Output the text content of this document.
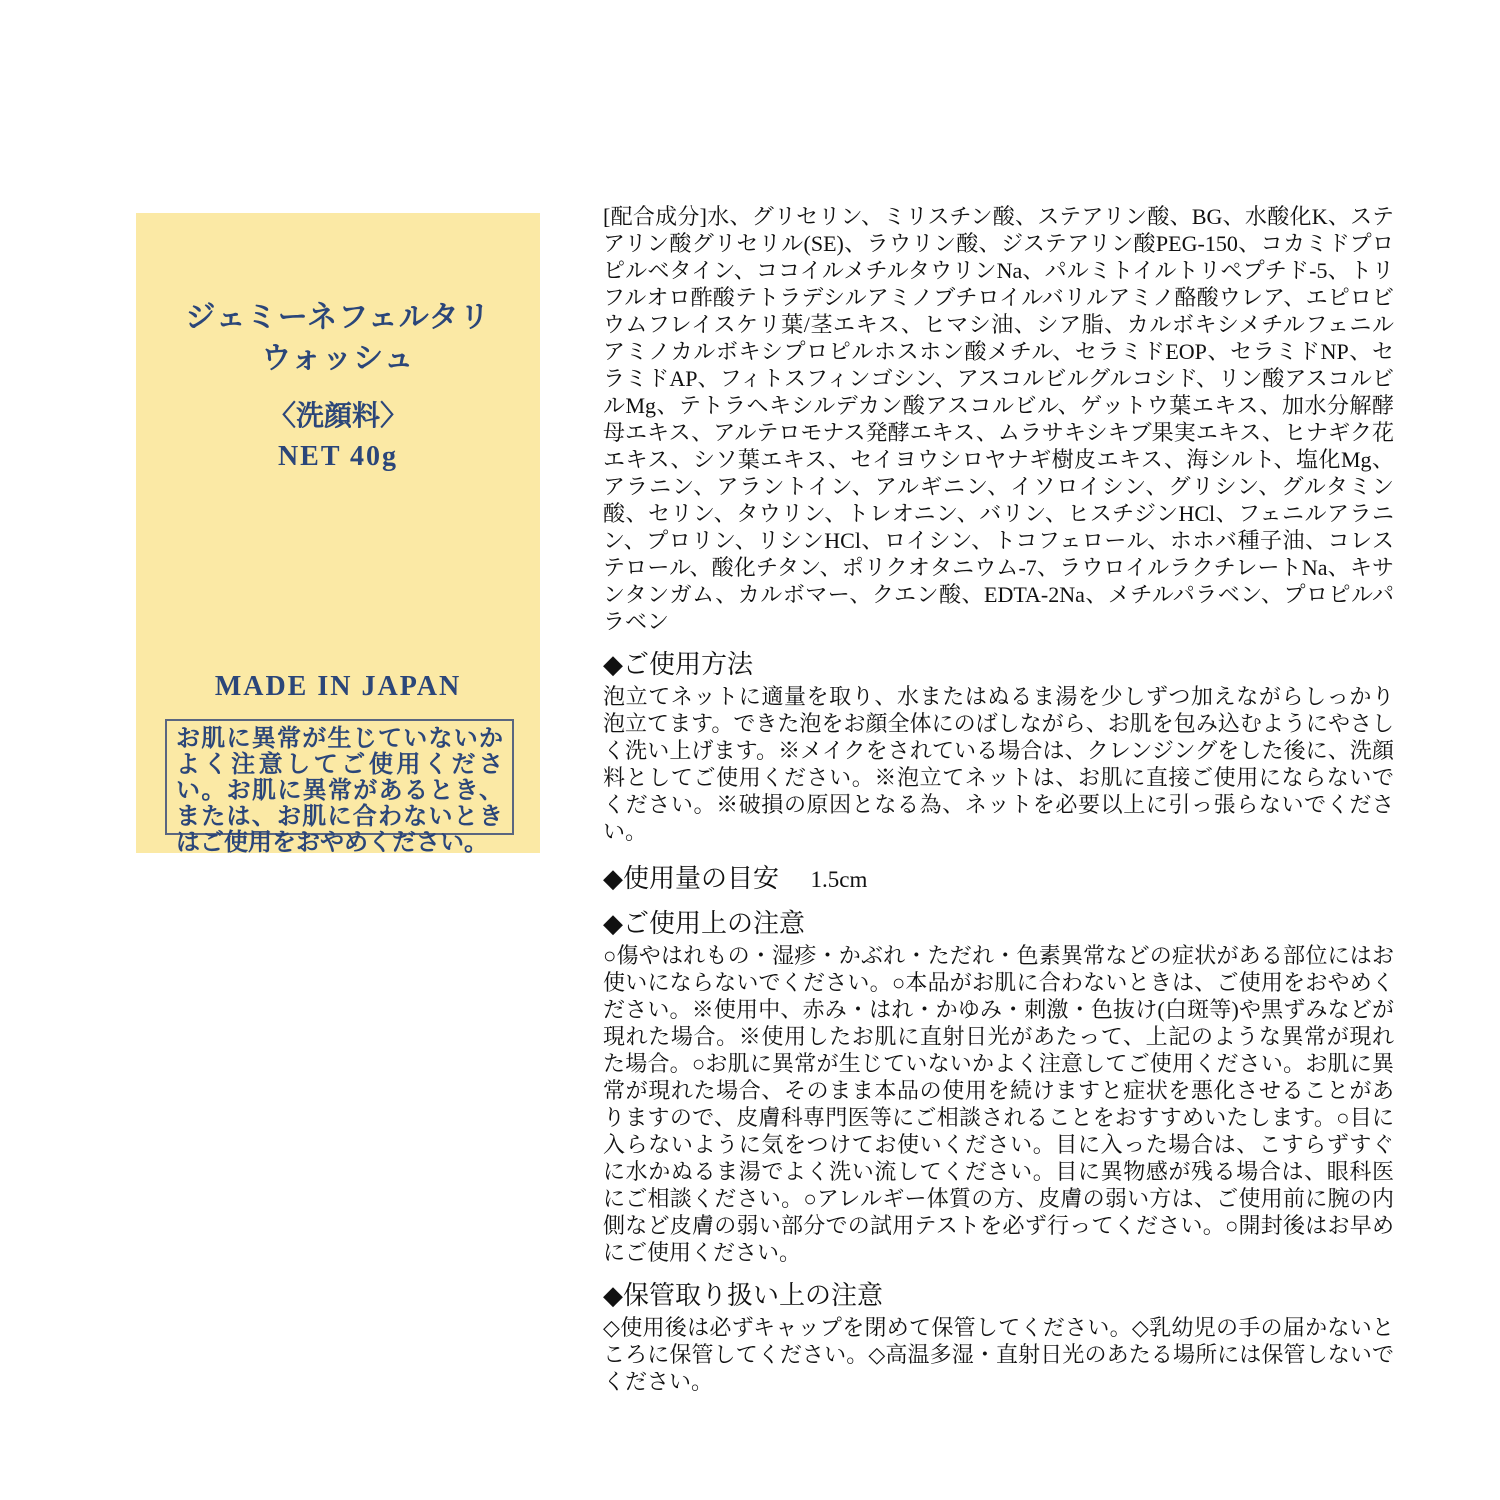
ジェミーネフェルタリ
ウォッシュ
〈洗顔料〉
NET 40g
MADE IN JAPAN
お肌に異常が生じていないかよく注意してご使用ください。お肌に異常があるとき、または、お肌に合わないときはご使用をおやめください。

[配合成分]水、グリセリン、ミリスチン酸、ステアリン酸、BG、水酸化K、ステアリン酸グリセリル(SE)、ラウリン酸、ジステアリン酸PEG-150、コカミドプロピルベタイン、ココイルメチルタウリンNa、パルミトイルトリペプチド-5、トリフルオロ酢酸テトラデシルアミノブチロイルバリルアミノ酪酸ウレア、エピロビウムフレイスケリ葉/茎エキス、ヒマシ油、シア脂、カルボキシメチルフェニルアミノカルボキシプロピルホスホン酸メチル、セラミドEOP、セラミドNP、セラミドAP、フィトスフィンゴシン、アスコルビルグルコシド、リン酸アスコルビルMg、テトラヘキシルデカン酸アスコルビル、ゲットウ葉エキス、加水分解酵母エキス、アルテロモナス発酵エキス、ムラサキシキブ果実エキス、ヒナギク花エキス、シソ葉エキス、セイヨウシロヤナギ樹皮エキス、海シルト、塩化Mg、アラニン、アラントイン、アルギニン、イソロイシン、グリシン、グルタミン酸、セリン、タウリン、トレオニン、バリン、ヒスチジンHCl、フェニルアラニン、プロリン、リシンHCl、ロイシン、トコフェロール、ホホバ種子油、コレステロール、酸化チタン、ポリクオタニウム-7、ラウロイルラクチレートNa、キサンタンガム、カルボマー、クエン酸、EDTA-2Na、メチルパラベン、プロピルパラベン

◆ご使用方法

泡立てネットに適量を取り、水またはぬるま湯を少しずつ加えながらしっかり泡立てます。できた泡をお顔全体にのばしながら、お肌を包み込むようにやさしく洗い上げます。※メイクをされている場合は、クレンジングをした後に、洗顔料としてご使用ください。※泡立てネットは、お肌に直接ご使用にならないでください。※破損の原因となる為、ネットを必要以上に引っ張らないでください。

◆使用量の目安 1.5cm
◆ご使用上の注意

○傷やはれもの・湿疹・かぶれ・ただれ・色素異常などの症状がある部位にはお使いにならないでください。○本品がお肌に合わないときは、ご使用をおやめください。※使用中、赤み・はれ・かゆみ・刺激・色抜け(白斑等)や黒ずみなどが現れた場合。※使用したお肌に直射日光があたって、上記のような異常が現れた場合。○お肌に異常が生じていないかよく注意してご使用ください。お肌に異常が現れた場合、そのまま本品の使用を続けますと症状を悪化させることがありますので、皮膚科専門医等にご相談されることをおすすめいたします。○目に入らないように気をつけてお使いください。目に入った場合は、こすらずすぐに水かぬるま湯でよく洗い流してください。目に異物感が残る場合は、眼科医にご相談ください。○アレルギー体質の方、皮膚の弱い方は、ご使用前に腕の内側など皮膚の弱い部分での試用テストを必ず行ってください。○開封後はお早めにご使用ください。

◆保管取り扱い上の注意

◇使用後は必ずキャップを閉めて保管してください。◇乳幼児の手の届かないところに保管してください。◇高温多湿・直射日光のあたる場所には保管しないでください。
